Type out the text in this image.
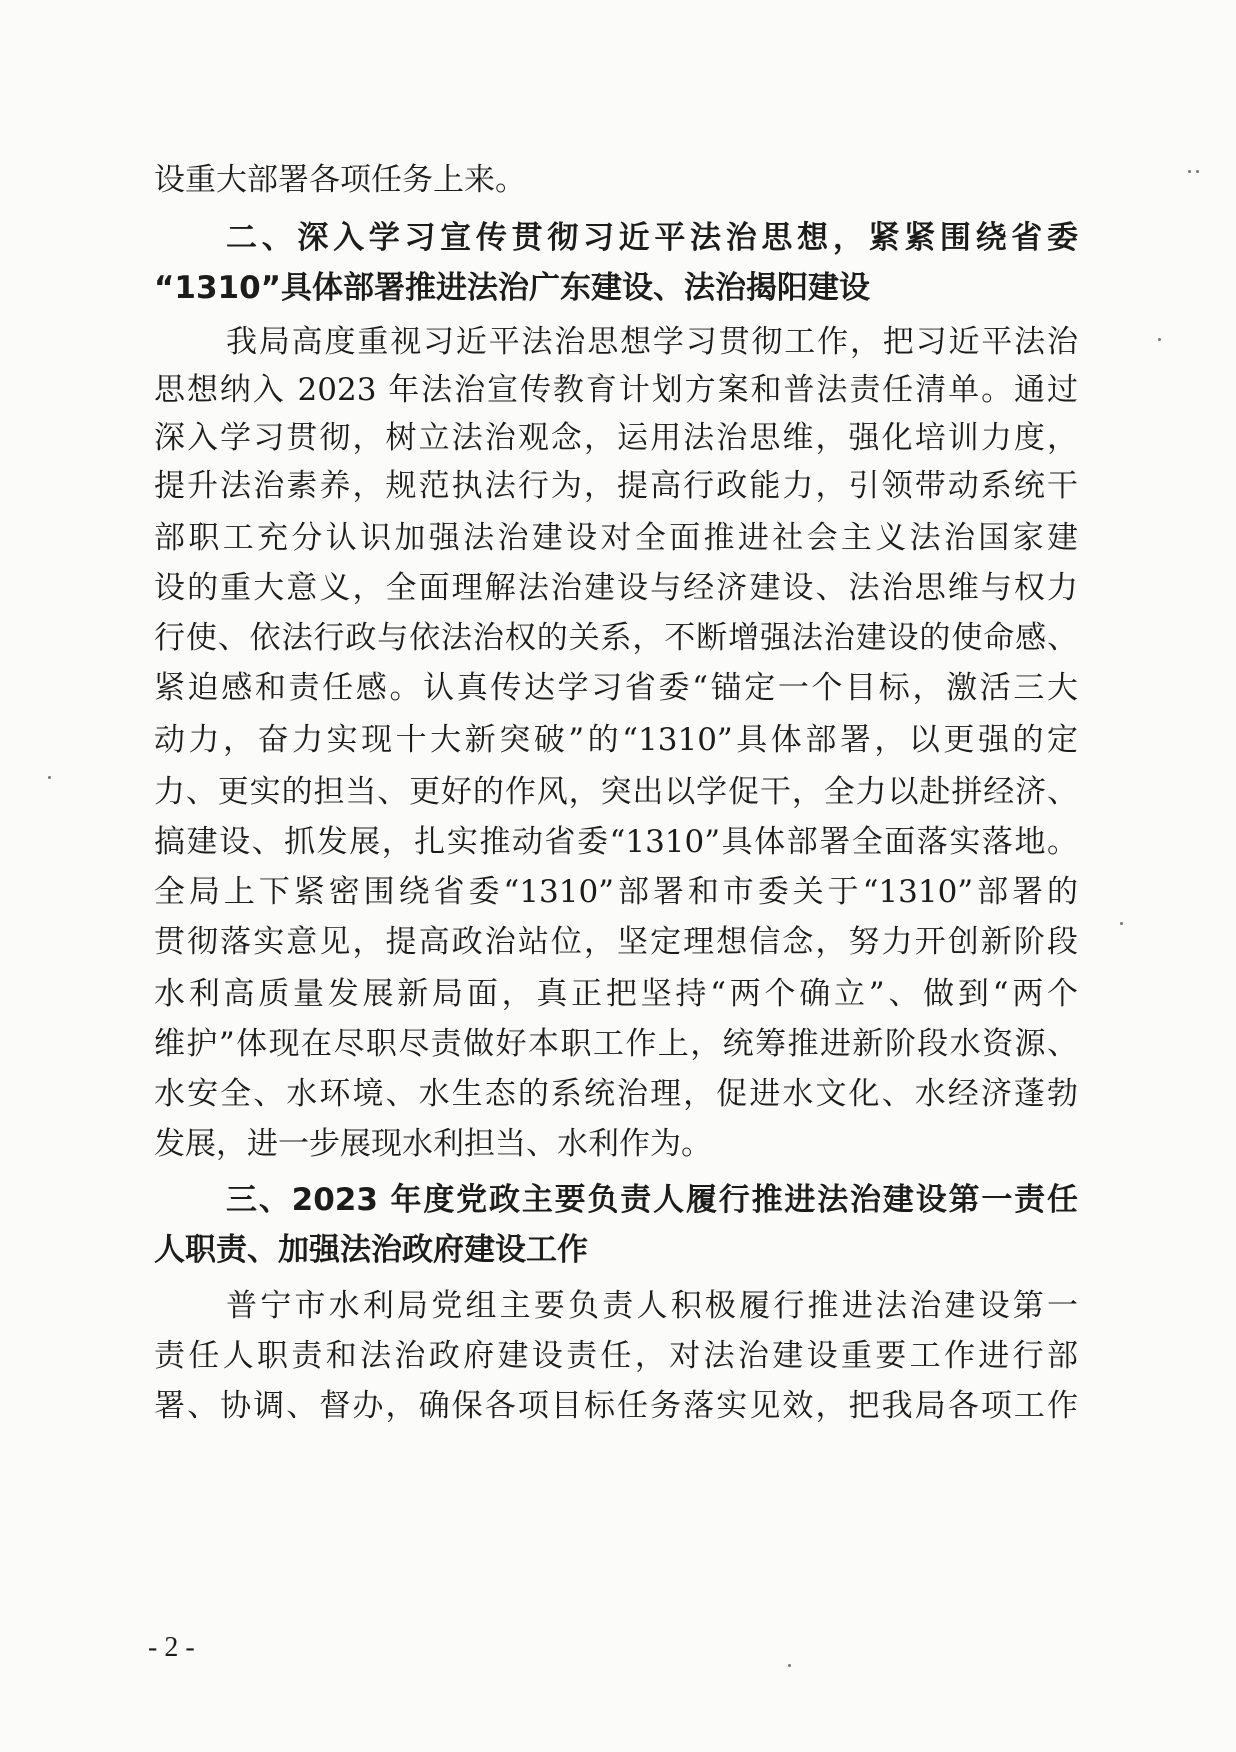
设重大部署各项任务上来。
二、深入学习宣传贯彻习近平法治思想，紧紧围绕省委
“1310”具体部署推进法治广东建设、法治揭阳建设
我局高度重视习近平法治思想学习贯彻工作，把习近平法治
思想纳入 2023 年法治宣传教育计划方案和普法责任清单。通过
深入学习贯彻，树立法治观念，运用法治思维，强化培训力度，
提升法治素养，规范执法行为，提高行政能力，引领带动系统干
部职工充分认识加强法治建设对全面推进社会主义法治国家建
设的重大意义，全面理解法治建设与经济建设、法治思维与权力
行使、依法行政与依法治权的关系，不断增强法治建设的使命感、
紧迫感和责任感。认真传达学习省委“锚定一个目标，激活三大
动力，奋力实现十大新突破”的“1310”具体部署，以更强的定
力、更实的担当、更好的作风，突出以学促干，全力以赴拼经济、
搞建设、抓发展，扎实推动省委“1310”具体部署全面落实落地。
全局上下紧密围绕省委“1310”部署和市委关于“1310”部署的
贯彻落实意见，提高政治站位，坚定理想信念，努力开创新阶段
水利高质量发展新局面，真正把坚持“两个确立”、做到“两个
维护”体现在尽职尽责做好本职工作上，统筹推进新阶段水资源、
水安全、水环境、水生态的系统治理，促进水文化、水经济蓬勃
发展，进一步展现水利担当、水利作为。
三、2023 年度党政主要负责人履行推进法治建设第一责任
人职责、加强法治政府建设工作
普宁市水利局党组主要负责人积极履行推进法治建设第一
责任人职责和法治政府建设责任，对法治建设重要工作进行部
署、协调、督办，确保各项目标任务落实见效，把我局各项工作
- 2 -
